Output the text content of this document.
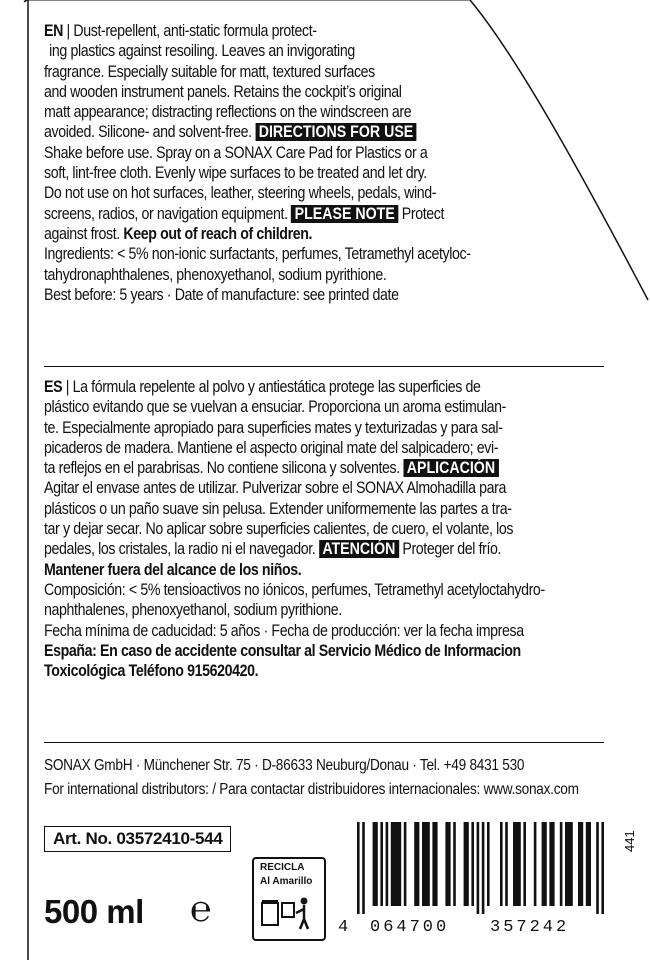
EN | Dust-repellent, anti-static formula protect-
ing plastics against resoiling. Leaves an invigorating
fragrance. Especially suitable for matt, textured surfaces
and wooden instrument panels. Retains the cockpit’s original
matt appearance; distracting reflections on the windscreen are
avoided. Silicone- and solvent-free. DIRECTIONS FOR USE
Shake before use. Spray on a SONAX Care Pad for Plastics or a
soft, lint-free cloth. Evenly wipe surfaces to be treated and let dry.
Do not use on hot surfaces, leather, steering wheels, pedals, wind-
screens, radios, or navigation equipment. PLEASE NOTE Protect
against frost. Keep out of reach of children.
Ingredients: < 5% non-ionic surfactants, perfumes, Tetramethyl acetyloc-
tahydronaphthalenes, phenoxyethanol, sodium pyrithione.
Best before: 5 years · Date of manufacture: see printed date
ES | La fórmula repelente al polvo y antiestática protege las superficies de
plástico evitando que se vuelvan a ensuciar. Proporciona un aroma estimulan-
te. Especialmente apropiado para superficies mates y texturizadas y para sal-
picaderos de madera. Mantiene el aspecto original mate del salpicadero; evi-
ta reflejos en el parabrisas. No contiene silicona y solventes. APLICACIÓN
Agitar el envase antes de utilizar. Pulverizar sobre el SONAX Almohadilla para
plásticos o un paño suave sin pelusa. Extender uniformemente las partes a tra-
tar y dejar secar. No aplicar sobre superficies calientes, de cuero, el volante, los
pedales, los cristales, la radio ni el navegador. ATENCIÓN Proteger del frío.
Mantener fuera del alcance de los niños.
Composición: < 5% tensioactivos no iónicos, perfumes, Tetramethyl acetyloctahydro-
naphthalenes, phenoxyethanol, sodium pyrithione.
Fecha mínima de caducidad: 5 años · Fecha de producción: ver la fecha impresa
España: En caso de accidente consultar al Servicio Médico de Informacion
Toxicológica Teléfono 915620420.
SONAX GmbH · Münchener Str. 75 · D-86633 Neuburg/Donau · Tel. +49 8431 530
For international distributors: / Para contactar distribuidores internacionales: www.sonax.com
Art. No. 03572410-544
500 ml ℮
RECICLA
Al Amarillo
4 064700 357242
441
